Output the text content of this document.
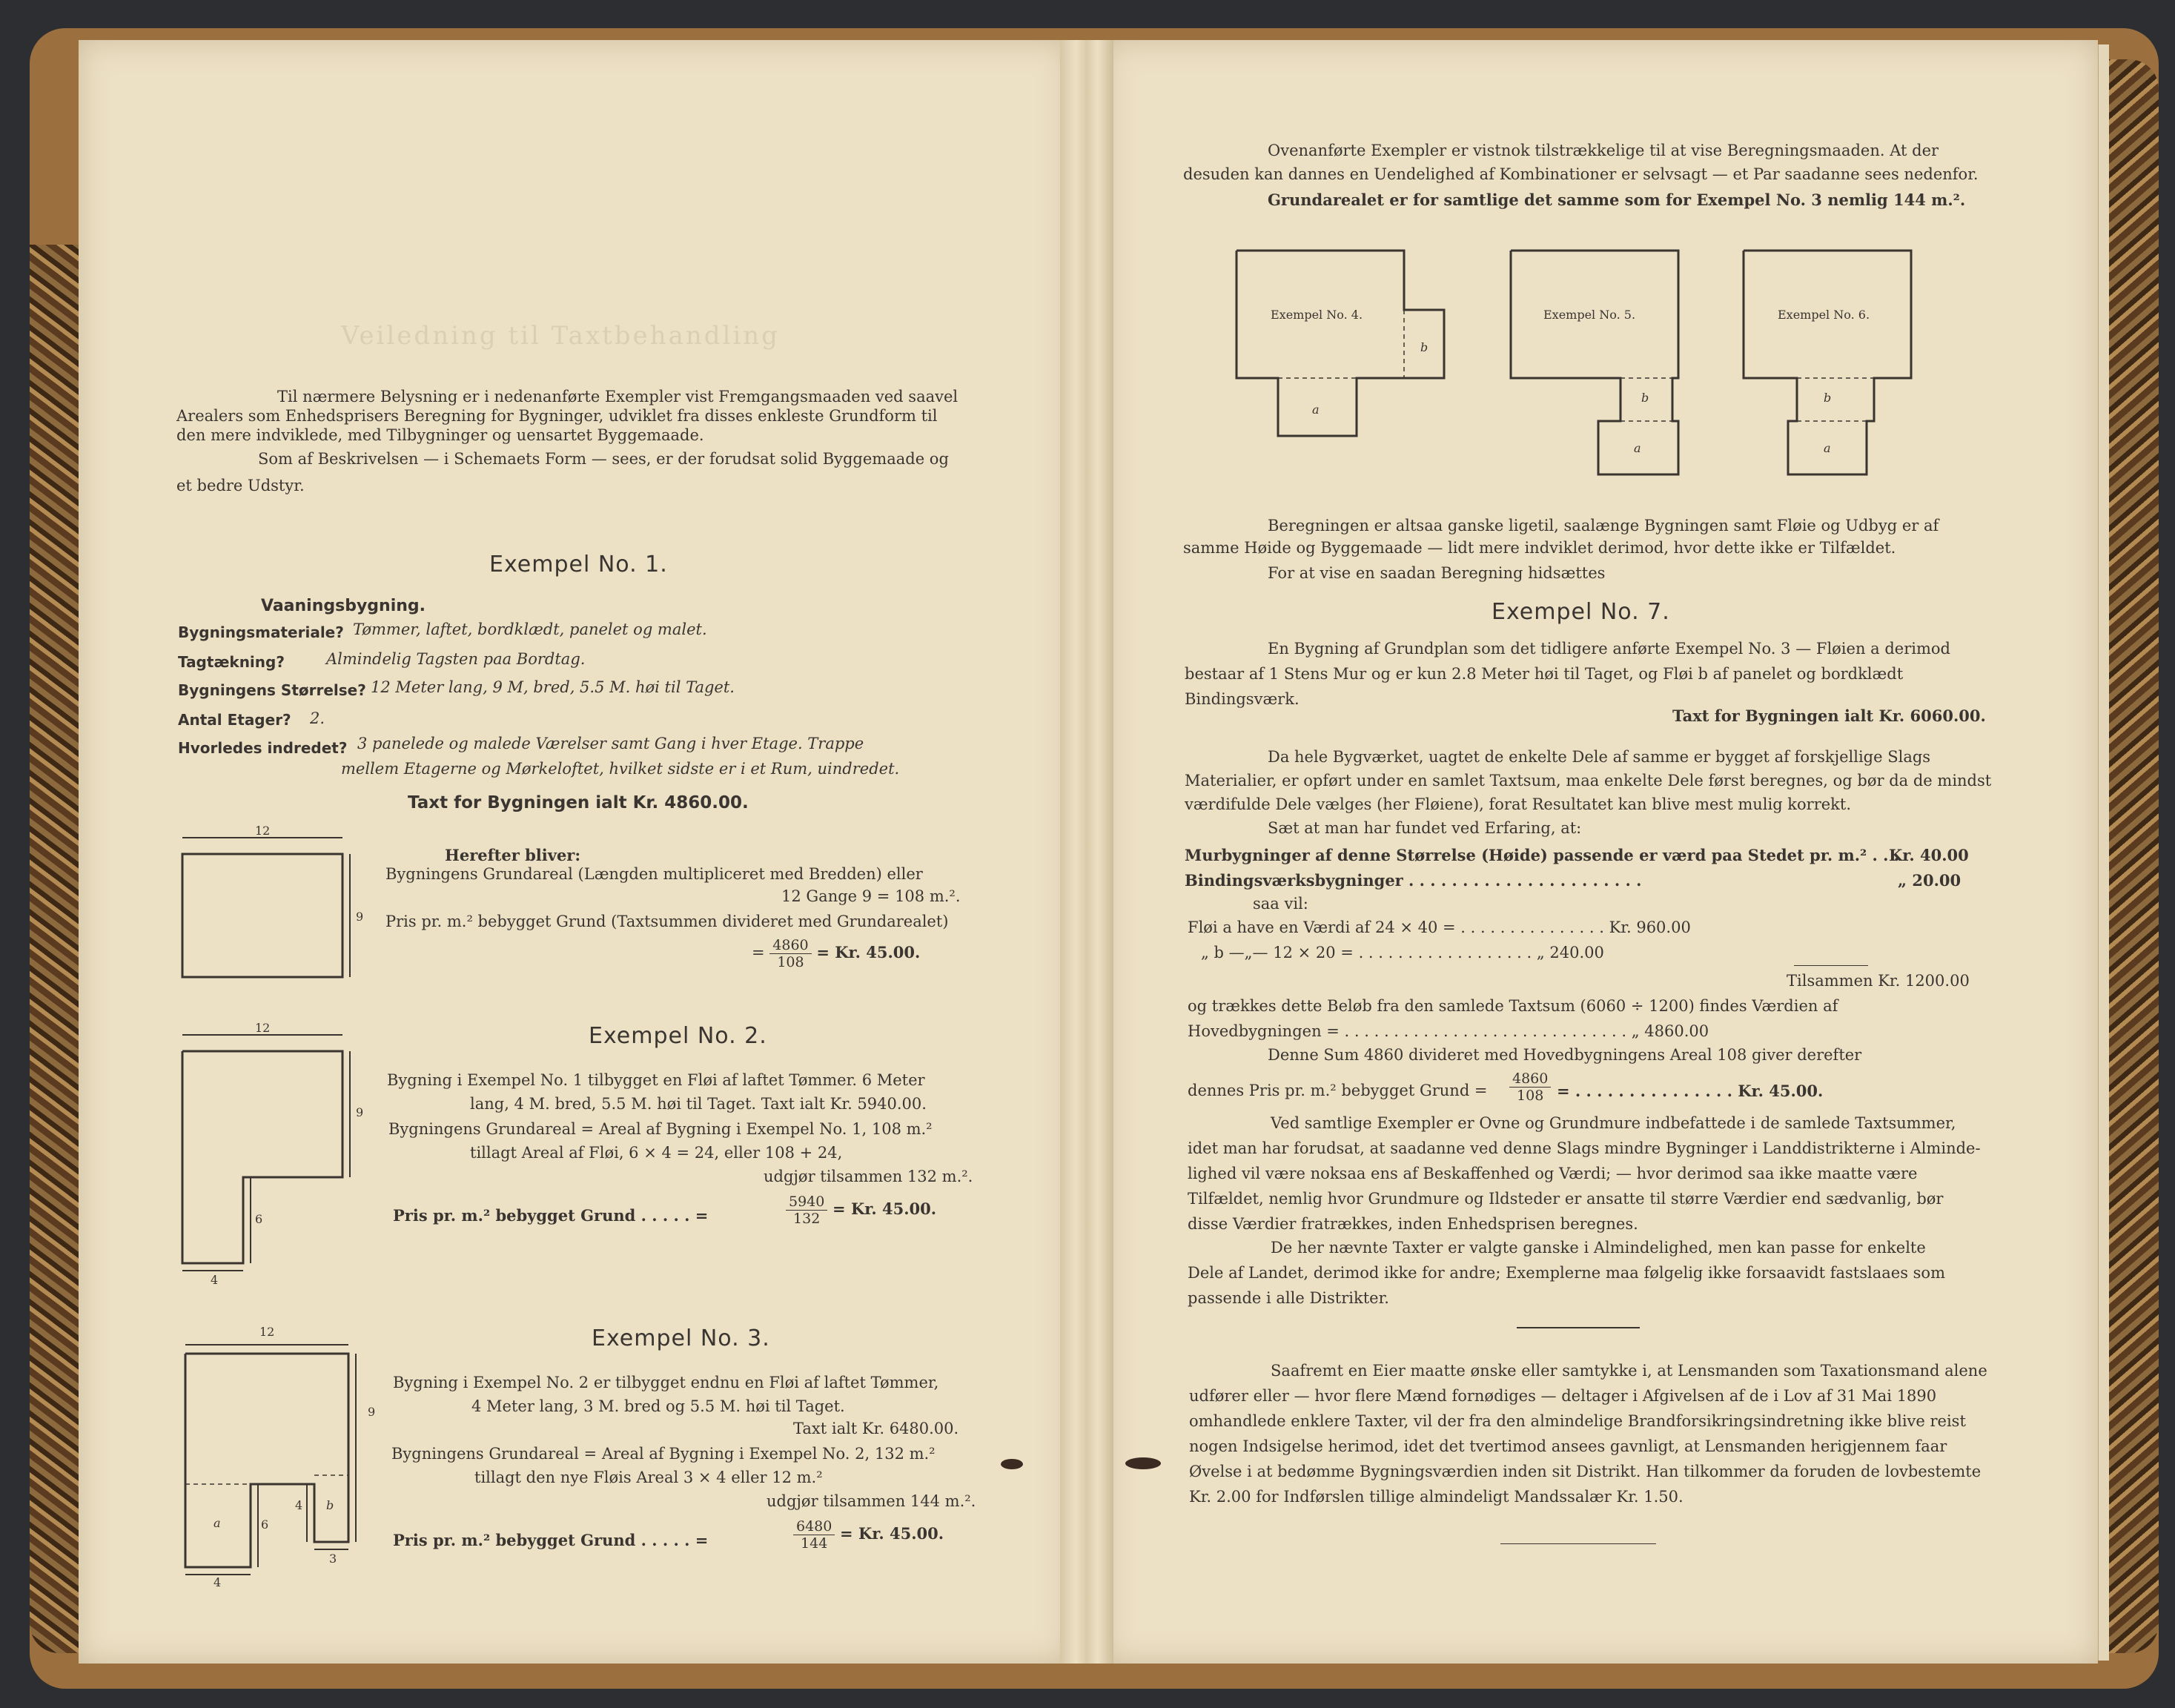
Veiledning til Taxtbehandling
Til nærmere Belysning er i nedenanførte Exempler vist Fremgangsmaaden ved saavel
Arealers som Enhedsprisers Beregning for Bygninger, udviklet fra disses enkleste Grundform til
den mere indviklede, med Tilbygninger og uensartet Byggemaade.
Som af Beskrivelsen — i Schemaets Form — sees, er der forudsat solid Byggemaade og
et bedre Udstyr.
Exempel No. 1.
Vaaningsbygning.
Bygningsmateriale? Tømmer, laftet, bordklædt, panelet og malet.
Tagtækning?	Almindelig Tagsten paa Bordtag.
Bygningens Størrelse? 12 Meter lang, 9 M, bred, 5.5 M. høi til Taget.
Antal Etager? 2.
Hvorledes indredet? 3 panelede og malede Værelser samt Gang i hver Etage. Trappe
mellem Etagerne og Mørkeloftet, hvilket sidste er i et Rum, uindredet.
Taxt for Bygningen ialt Kr. 4860.00.
12
9
Herefter bliver:
Bygningens Grundareal (Længden multipliceret med Bredden) eller
12 Gange 9 = 108 m.².
Pris pr. m.² bebygget Grund (Taxtsummen divideret med Grundarealet)
= $\frac{4860}{108} = Kr$. 45.00.
Exempel No. 2.
12
9
6
4
Bygning i Exempel No. 1 tilbygget en Fløi af laftet Tømmer. 6 Meter
lang, 4 M. bred, 5.5 M. høi til Taget. Taxt ialt Kr. 5940.00.
Bygningens Grundareal = Areal af Bygning i Exempel No. 1, 108 m.²
tillagt Areal af Fløi, 6 × 4 = 24, eller 108 + 24,
udgjør tilsammen 132 m.².
Pris pr. m.² bebygget Grund . . . . . =	$\frac{5940}{132} = Kr$. 45.00.
Exempel No. 3.
12
9
a
b
6
4
3
4
Bygning i Exempel No. 2 er tilbygget endnu en Fløi af laftet Tømmer,
4 Meter lang, 3 M. bred og 5.5 M. høi til Taget.
Taxt ialt Kr. 6480.00.
Bygningens Grundareal = Areal af Bygning i Exempel No. 2, 132 m.²
tillagt den nye Fløis Areal 3 × 4 eller 12 m.²
udgjør tilsammen 144 m.².
Pris pr. m.² bebygget Grund . . . . . =	$\frac{6480}{144} = Kr$. 45.00.
Ovenanførte Exempler er vistnok tilstrækkelige til at vise Beregningsmaaden. At der
desuden kan dannes en Uendelighed af Kombinationer er selvsagt — et Par saadanne sees nedenfor.
Grundarealet er for samtlige det samme som for Exempel No. 3 nemlig 144 m.².
Exempel No. 4.
b
a
Exempel No. 5.
b
a
Exempel No. 6.
b
a
Beregningen er altsaa ganske ligetil, saalænge Bygningen samt Fløie og Udbyg er af
samme Høide og Byggemaade — lidt mere indviklet derimod, hvor dette ikke er Tilfældet.
For at vise en saadan Beregning hidsættes
Exempel No. 7.
En Bygning af Grundplan som det tidligere anførte Exempel No. 3 — Fløien a derimod
bestaar af 1 Stens Mur og er kun 2.8 Meter høi til Taget, og Fløi b af panelet og bordklædt
Bindingsværk.
Taxt for Bygningen ialt Kr. 6060.00.
Da hele Bygværket, uagtet de enkelte Dele af samme er bygget af forskjellige Slags
Materialier, er opført under en samlet Taxtsum, maa enkelte Dele først beregnes, og bør da de mindst
værdifulde Dele vælges (her Fløiene), forat Resultatet kan blive mest mulig korrekt.
Sæt at man har fundet ved Erfaring, at:
Murbygninger af denne Størrelse (Høide) passende er værd paa Stedet pr. m.² . . .
Kr. 40.00
Bindingsværksbygninger . . . . . . . . . . . . . . . . . . . . . .	„ 20.00
saa vil:
Fløi a have en Værdi af 24 × 40 = . . . . . . . . . . . . . . . Kr. 960.00
„ b —„— 12 × 20 = . . . . . . . . . . . . . . . . . . „ 240.00
Tilsammen Kr. 1200.00
og trækkes dette Beløb fra den samlede Taxtsum (6060 ÷ 1200) findes Værdien af
Hovedbygningen = . . . . . . . . . . . . . . . . . . . . . . . . . . . . . „ 4860.00
Denne Sum 4860 divideret med Hovedbygningens Areal 108 giver derefter
dennes Pris pr. m.² bebygget Grund = $\frac{4860}{108}$ = . . . . . . . . . . . . . . . Kr. 45.00.
Ved samtlige Exempler er Ovne og Grundmure indbefattede i de samlede Taxtsummer,
idet man har forudsat, at saadanne ved denne Slags mindre Bygninger i Landdistrikterne i Alminde-
lighed vil være noksaa ens af Beskaffenhed og Værdi; — hvor derimod saa ikke maatte være
Tilfældet, nemlig hvor Grundmure og Ildsteder er ansatte til større Værdier end sædvanlig, bør
disse Værdier fratrækkes, inden Enhedsprisen beregnes.
De her nævnte Taxter er valgte ganske i Almindelighed, men kan passe for enkelte
Dele af Landet, derimod ikke for andre; Exemplerne maa følgelig ikke forsaavidt fastslaaes som
passende i alle Distrikter.
Saafremt en Eier maatte ønske eller samtykke i, at Lensmanden som Taxationsmand alene
udfører eller — hvor flere Mænd fornødiges — deltager i Afgivelsen af de i Lov af 31 Mai 1890
omhandlede enklere Taxter, vil der fra den almindelige Brandforsikringsindretning ikke blive reist
nogen Indsigelse herimod, idet det tvertimod ansees gavnligt, at Lensmanden herigjennem faar
Øvelse i at bedømme Bygningsværdien inden sit Distrikt. Han tilkommer da foruden de lovbestemte
Kr. 2.00 for Indførslen tillige almindeligt Mandssalær Kr. 1.50.
